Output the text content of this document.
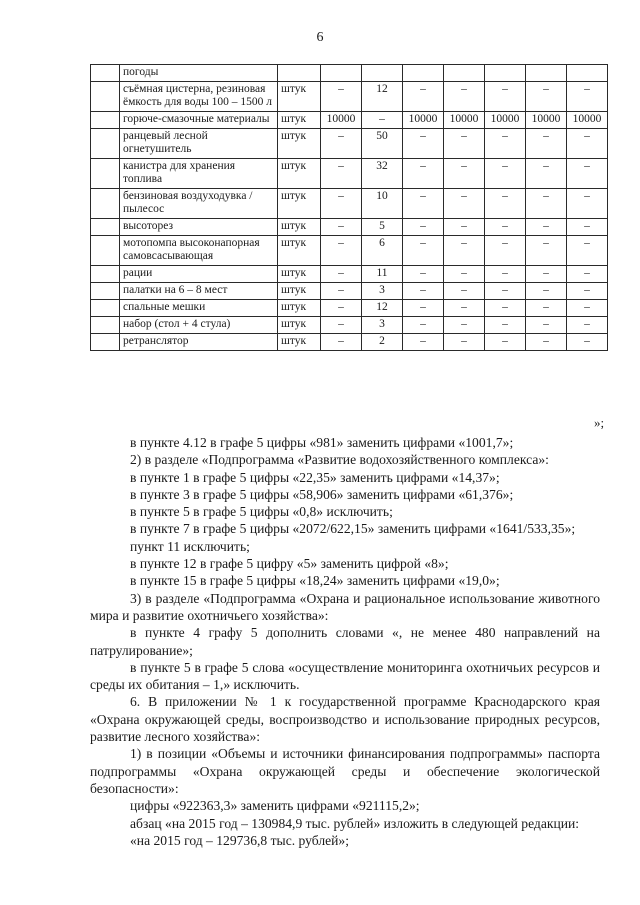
6
	погоды								
	съёмная цистерна, резиновая ёмкость для воды 100 – 1500 л	штук	–	12	–	–	–	–	–
	горюче-смазочные материалы	штук	10000	–	10000	10000	10000	10000	10000
	ранцевый лесной огнетушитель	штук	–	50	–	–	–	–	–
	канистра для хранения топлива	штук	–	32	–	–	–	–	–
	бензиновая воздуходувка / пылесос	штук	–	10	–	–	–	–	–
	высоторез	штук	–	5	–	–	–	–	–
	мотопомпа высоконапорная самовсасывающая	штук	–	6	–	–	–	–	–
	рации	штук	–	11	–	–	–	–	–
	палатки на 6 – 8 мест	штук	–	3	–	–	–	–	–
	спальные мешки	штук	–	12	–	–	–	–	–
	набор (стол + 4 стула)	штук	–	3	–	–	–	–	–
	ретранслятор	штук	–	2	–	–	–	–	–
»;

в пункте 4.12 в графе 5 цифры «981» заменить цифрами «1001,7»;

2) в разделе «Подпрограмма «Развитие водохозяйственного комплекса»:

в пункте 1 в графе 5 цифры «22,35» заменить цифрами «14,37»;

в пункте 3 в графе 5 цифры «58,906» заменить цифрами «61,376»;

в пункте 5 в графе 5 цифры «0,8» исключить;

в пункте 7 в графе 5 цифры «2072/622,15» заменить цифрами «1641/533,35»;

пункт 11 исключить;

в пункте 12 в графе 5 цифру «5» заменить цифрой «8»;

в пункте 15 в графе 5 цифры «18,24» заменить цифрами «19,0»;

3) в разделе «Подпрограмма «Охрана и рациональное использование животного мира и развитие охотничьего хозяйства»:

в пункте 4 графу 5 дополнить словами «, не менее 480 направлений на патрулирование»;

в пункте 5 в графе 5 слова «осуществление мониторинга охотничьих ресурсов и среды их обитания – 1,» исключить.

6. В приложении № 1 к государственной программе Краснодарского края «Охрана окружающей среды, воспроизводство и использование природных ресурсов, развитие лесного хозяйства»:

1) в позиции «Объемы и источники финансирования подпрограммы» паспорта подпрограммы «Охрана окружающей среды и обеспечение экологической безопасности»:

цифры «922363,3» заменить цифрами «921115,2»;

абзац «на 2015 год – 130984,9 тыс. рублей» изложить в следующей редакции:

«на 2015 год – 129736,8 тыс. рублей»;
